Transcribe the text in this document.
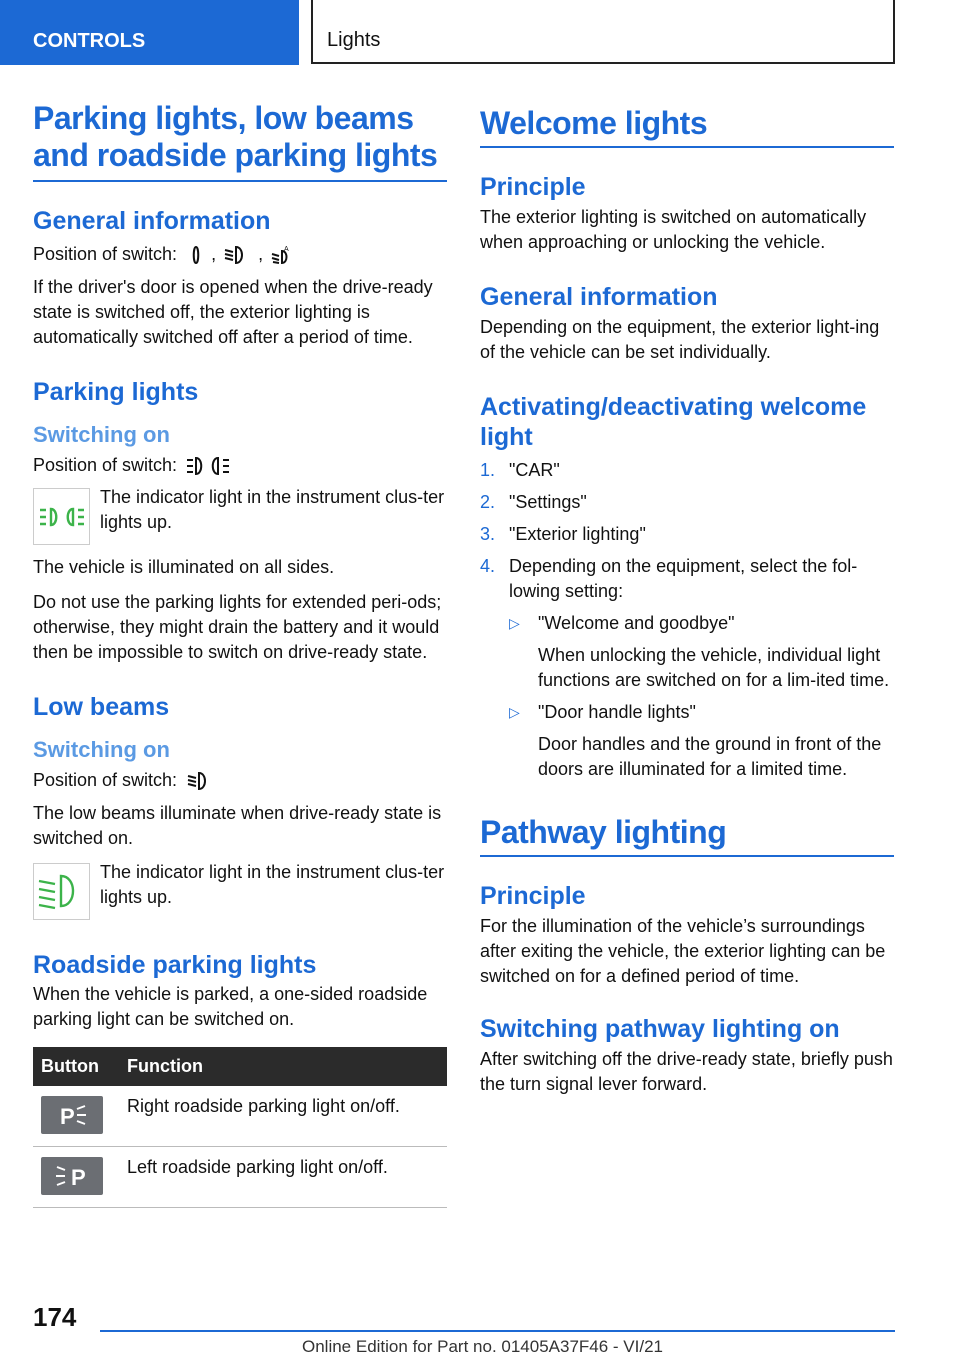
CONTROLS	Lights
Parking lights, low beams and roadside parking lights
General information
Position of switch: , ,	A

If the driver's door is opened when the drive-ready state is switched off, the exterior lighting is automatically switched off after a period of time.

Parking lights
Switching on
Position of switch:

The indicator light in the instrument clus-ter lights up.

The vehicle is illuminated on all sides.

Do not use the parking lights for extended peri-ods; otherwise, they might drain the battery and it would then be impossible to switch on drive-ready state.

Low beams
Switching on
Position of switch:

The low beams illuminate when drive-ready state is switched on.

The indicator light in the instrument clus-ter lights up.

Roadside parking lights

When the vehicle is parked, a one-sided roadside parking light can be switched on.

Button	Function

P	Right roadside parking light on/off.

P	Left roadside parking light on/off.
Welcome lights
Principle

The exterior lighting is switched on automatically when approaching or unlocking the vehicle.

General information

Depending on the equipment, the exterior light-ing of the vehicle can be set individually.

Activating/deactivating welcome light
1. "CAR"
2. "Settings"
3. "Exterior lighting"
4. Depending on the equipment, select the fol-lowing setting:
▷	"Welcome and goodbye"
When unlocking the vehicle, individual light functions are switched on for a lim-ited time.
▷	"Door handle lights"
Door handles and the ground in front of the doors are illuminated for a limited time.
Pathway lighting
Principle

For the illumination of the vehicle’s surroundings after exiting the vehicle, the exterior lighting can be switched on for a defined period of time.

Switching pathway lighting on

After switching off the drive-ready state, briefly push the turn signal lever forward.

174
Online Edition for Part no. 01405A37F46 - VI/21
